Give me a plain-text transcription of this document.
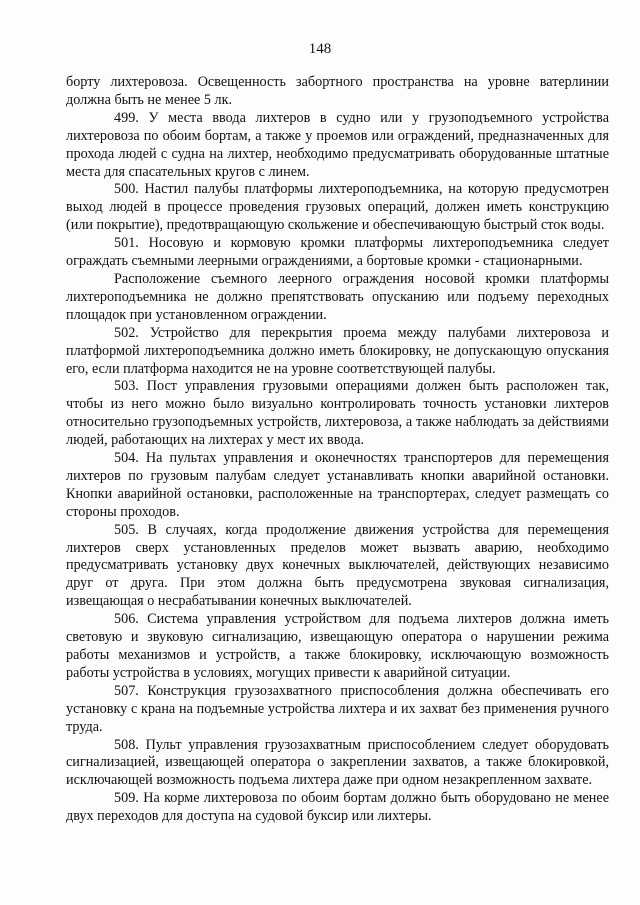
148

борту лихтеровоза. Освещенность забортного пространства на уровне ватерлинии должна быть не менее 5 лк.

499. У места ввода лихтеров в судно или у грузоподъемного устройства лихтеровоза по обоим бортам, а также у проемов или ограждений, предназначенных для прохода людей с судна на лихтер, необходимо предусматривать оборудованные штатные места для спасательных кругов с линем.

500. Настил палубы платформы лихтероподъемника, на которую предусмотрен выход людей в процессе проведения грузовых операций, должен иметь конструкцию (или покрытие), предотвращающую скольжение и обеспечивающую быстрый сток воды.

501. Носовую и кормовую кромки платформы лихтероподъемника следует ограждать съемными леерными ограждениями, а бортовые кромки - стационарными.

Расположение съемного леерного ограждения носовой кромки платформы лихтероподъемника не должно препятствовать опусканию или подъему переходных площадок при установленном ограждении.

502. Устройство для перекрытия проема между палубами лихтеровоза и платформой лихтероподъемника должно иметь блокировку, не допускающую опускания его, если платформа находится не на уровне соответствующей палубы.

503. Пост управления грузовыми операциями должен быть расположен так, чтобы из него можно было визуально контролировать точность установки лихтеров относительно грузоподъемных устройств, лихтеровоза, а также наблюдать за действиями людей, работающих на лихтерах у мест их ввода.

504. На пультах управления и оконечностях транспортеров для перемещения лихтеров по грузовым палубам следует устанавливать кнопки аварийной остановки. Кнопки аварийной остановки, расположенные на транспортерах, следует размещать со стороны проходов.

505. В случаях, когда продолжение движения устройства для перемещения лихтеров сверх установленных пределов может вызвать аварию, необходимо предусматривать установку двух конечных выключателей, действующих независимо друг от друга. При этом должна быть предусмотрена звуковая сигнализация, извещающая о несрабатывании конечных выключателей.

506. Система управления устройством для подъема лихтеров должна иметь световую и звуковую сигнализацию, извещающую оператора о нарушении режима работы механизмов и устройств, а также блокировку, исключающую возможность работы устройства в условиях, могущих привести к аварийной ситуации.

507. Конструкция грузозахватного приспособления должна обеспечивать его установку с крана на подъемные устройства лихтера и их захват без применения ручного труда.

508. Пульт управления грузозахватным приспособлением следует оборудовать сигнализацией, извещающей оператора о закреплении захватов, а также блокировкой, исключающей возможность подъема лихтера даже при одном незакрепленном захвате.

509. На корме лихтеровоза по обоим бортам должно быть оборудовано не менее двух переходов для доступа на судовой буксир или лихтеры.
